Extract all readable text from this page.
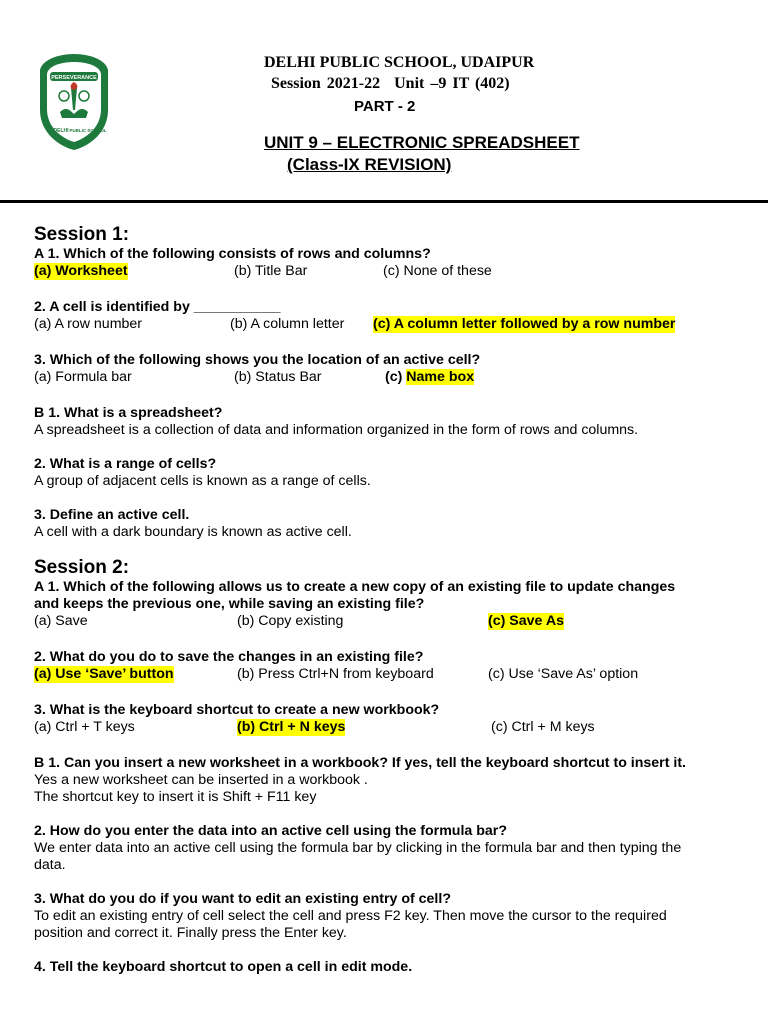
PERSEVERANCE
DELHI PUBLIC SCHOOL
DELHI PUBLIC SCHOOL, UDAIPUR
Session 2021-22 Unit –9 IT (402)
PART - 2
UNIT 9 – ELECTRONIC SPREADSHEET
(Class-IX REVISION)
Session 1:
A 1. Which of the following consists of rows and columns?
(a) Worksheet	(b) Title Bar	(c) None of these
2. A cell is identified by ___________
(a) A row number	(b) A column letter (c) A column letter followed by a row number
3. Which of the following shows you the location of an active cell?
(a) Formula bar	(b) Status Bar	(c) Name box
B 1. What is a spreadsheet?
A spreadsheet is a collection of data and information organized in the form of rows and columns.
2. What is a range of cells?
A group of adjacent cells is known as a range of cells.
3. Define an active cell.
A cell with a dark boundary is known as active cell.
Session 2:
A 1. Which of the following allows us to create a new copy of an existing file to update changes
and keeps the previous one, while saving an existing file?
(a) Save	(b) Copy existing	(c) Save As
2. What do you do to save the changes in an existing file?
(a) Use ‘Save’ button	(b) Press Ctrl+N from keyboard	(c) Use ‘Save As’ option
3. What is the keyboard shortcut to create a new workbook?
(a) Ctrl + T keys	(b) Ctrl + N keys	(c) Ctrl + M keys
B 1. Can you insert a new worksheet in a workbook? If yes, tell the keyboard shortcut to insert it.
Yes a new worksheet can be inserted in a workbook .
The shortcut key to insert it is Shift + F11 key
2. How do you enter the data into an active cell using the formula bar?
We enter data into an active cell using the formula bar by clicking in the formula bar and then typing the
data.
3. What do you do if you want to edit an existing entry of cell?
To edit an existing entry of cell select the cell and press F2 key. Then move the cursor to the required
position and correct it. Finally press the Enter key.
4. Tell the keyboard shortcut to open a cell in edit mode.
